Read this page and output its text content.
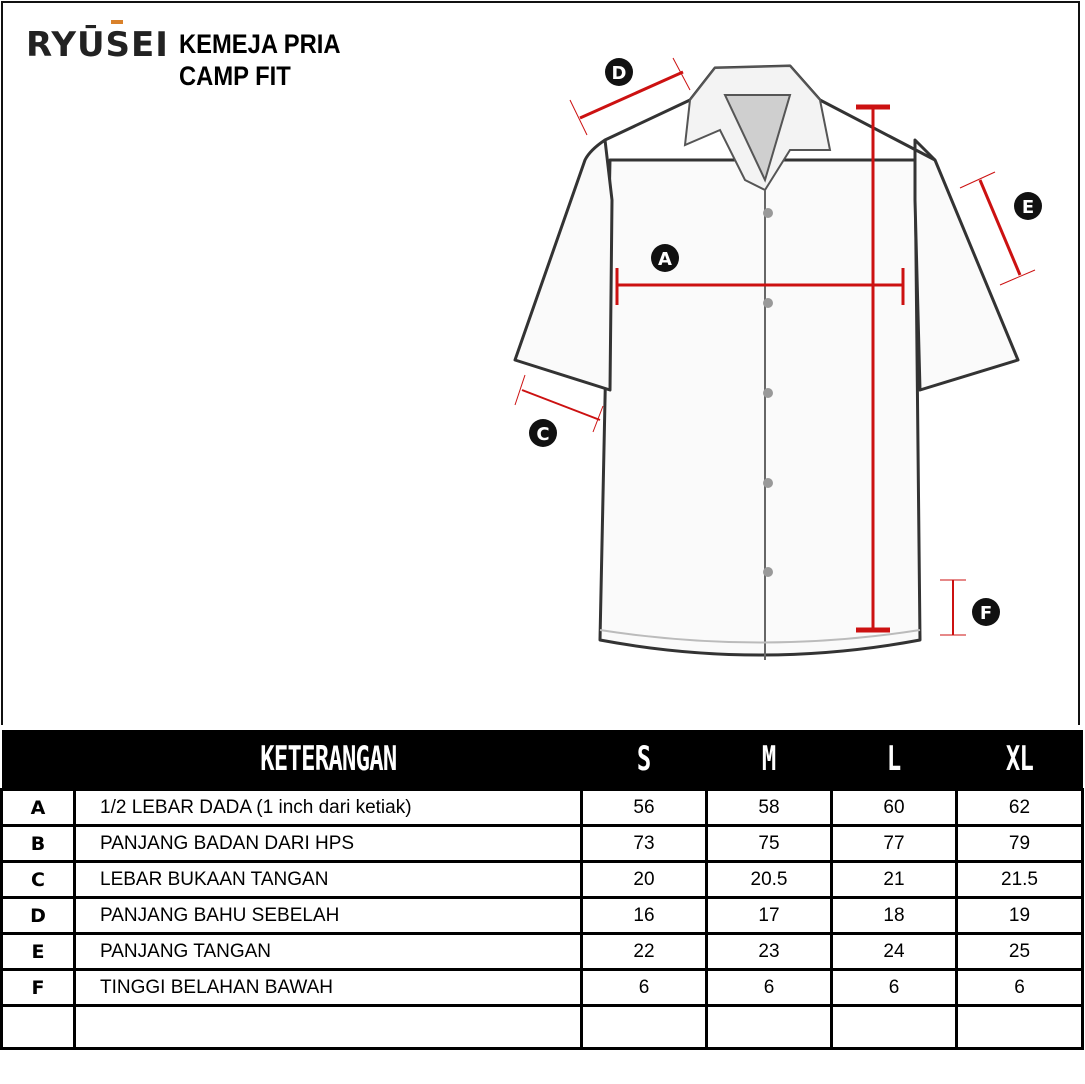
RYŪSEI KEMEJA PRIA
CAMP FIT
A
C
D
E
F
	KETERANGAN	S	M	L	XL
A	1/2 LEBAR DADA (1 inch dari ketiak)	56	58	60	62
B	PANJANG BADAN DARI HPS	73	75	77	79
C	LEBAR BUKAAN TANGAN	20	20.5	21	21.5
D	PANJANG BAHU SEBELAH	16	17	18	19
E	PANJANG TANGAN	22	23	24	25
F	TINGGI BELAHAN BAWAH	6	6	6	6
